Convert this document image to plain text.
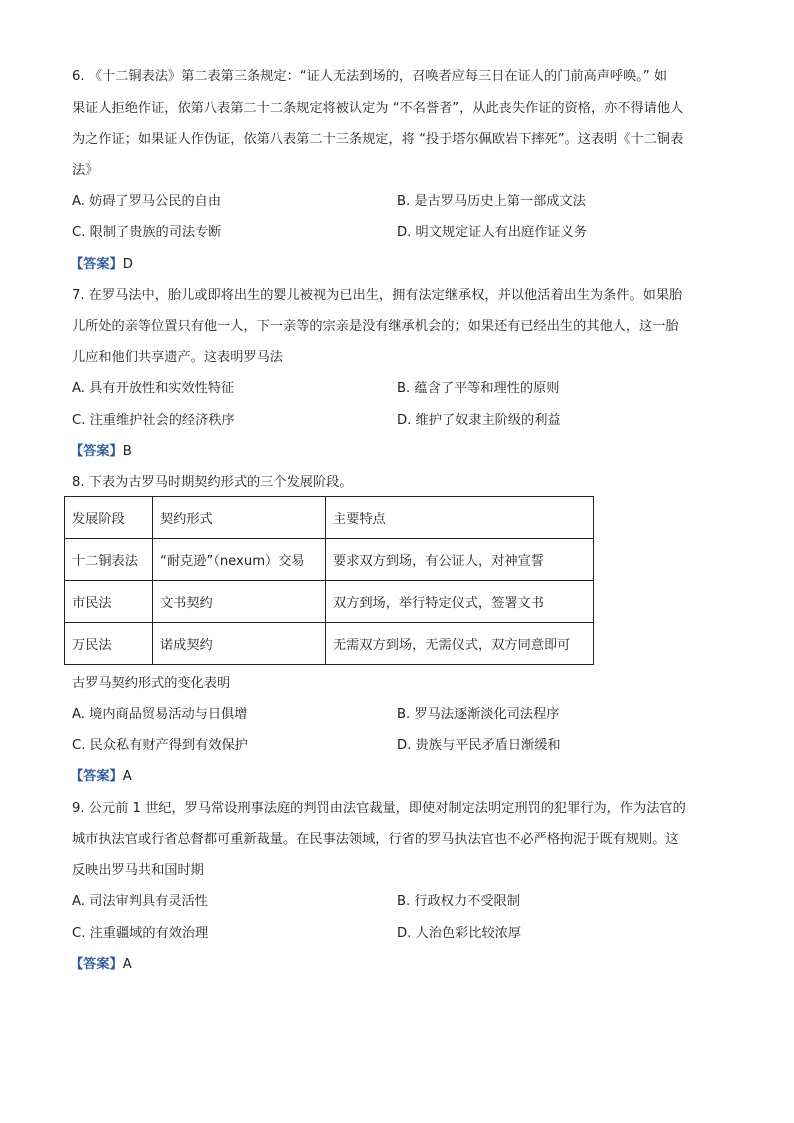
6. 《十二铜表法》第二表第三条规定：“证人无法到场的，召唤者应每三日在证人的门前高声呼唤。” 如
果证人拒绝作证，依第八表第二十二条规定将被认定为 “不名誉者”，从此丧失作证的资格，亦不得请他人
为之作证；如果证人作伪证，依第八表第二十三条规定，将 “投于塔尔佩欧岩下摔死”。这表明《十二铜表
法》
A. 妨碍了罗马公民的自由	B. 是古罗马历史上第一部成文法
C. 限制了贵族的司法专断	D. 明文规定证人有出庭作证义务
【答案】D
7. 在罗马法中，胎儿或即将出生的婴儿被视为已出生，拥有法定继承权，并以他活着出生为条件。如果胎
儿所处的亲等位置只有他一人，下一亲等的宗亲是没有继承机会的；如果还有已经出生的其他人，这一胎
儿应和他们共享遗产。这表明罗马法
A. 具有开放性和实效性特征	B. 蕴含了平等和理性的原则
C. 注重维护社会的经济秩序	D. 维护了奴隶主阶级的利益
【答案】B
8. 下表为古罗马时期契约形式的三个发展阶段。
发展阶段	契约形式	主要特点
十二铜表法	“耐克逊”（nexum）交易	要求双方到场，有公证人，对神宣誓
市民法	文书契约	双方到场，举行特定仪式，签署文书
万民法	诺成契约	无需双方到场，无需仪式，双方同意即可
古罗马契约形式的变化表明
A. 境内商品贸易活动与日俱增	B. 罗马法逐渐淡化司法程序
C. 民众私有财产得到有效保护	D. 贵族与平民矛盾日渐缓和
【答案】A
9. 公元前 1 世纪，罗马常设刑事法庭的判罚由法官裁量，即使对制定法明定刑罚的犯罪行为，作为法官的
城市执法官或行省总督都可重新裁量。在民事法领域，行省的罗马执法官也不必严格拘泥于既有规则。这
反映出罗马共和国时期
A. 司法审判具有灵活性	B. 行政权力不受限制
C. 注重疆域的有效治理	D. 人治色彩比较浓厚
【答案】A
